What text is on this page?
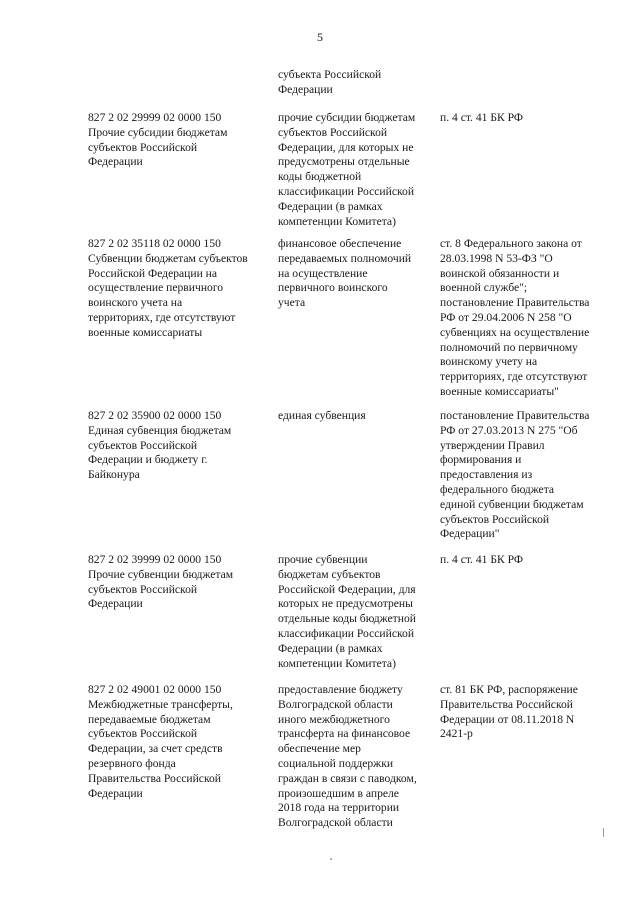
5
субъекта Российской
Федерации
827 2 02 29999 02 0000 150
Прочие субсидии бюджетам
субъектов Российской
Федерации
прочие субсидии бюджетам
субъектов Российской
Федерации, для которых не
предусмотрены отдельные
коды бюджетной
классификации Российской
Федерации (в рамках
компетенции Комитета)
п. 4 ст. 41 БК РФ
827 2 02 35118 02 0000 150
Субвенции бюджетам субъектов
Российской Федерации на
осуществление первичного
воинского учета на
территориях, где отсутствуют
военные комиссариаты
финансовое обеспечение
передаваемых полномочий
на осуществление
первичного воинского
учета
ст. 8 Федерального закона от
28.03.1998 N 53-ФЗ "О
воинской обязанности и
военной службе";
постановление Правительства
РФ от 29.04.2006 N 258 "О
субвенциях на осуществление
полномочий по первичному
воинскому учету на
территориях, где отсутствуют
военные комиссариаты"
827 2 02 35900 02 0000 150
Единая субвенция бюджетам
субъектов Российской
Федерации и бюджету г.
Байконура
единая субвенция	постановление Правительства
РФ от 27.03.2013 N 275 "Об
утверждении Правил
формирования и
предоставления из
федерального бюджета
единой субвенции бюджетам
субъектов Российской
Федерации"
827 2 02 39999 02 0000 150
Прочие субвенции бюджетам
субъектов Российской
Федерации
прочие субвенции
бюджетам субъектов
Российской Федерации, для
которых не предусмотрены
отдельные коды бюджетной
классификации Российской
Федерации (в рамках
компетенции Комитета)
п. 4 ст. 41 БК РФ
827 2 02 49001 02 0000 150
Межбюджетные трансферты,
передаваемые бюджетам
субъектов Российской
Федерации, за счет средств
резервного фонда
Правительства Российской
Федерации
предоставление бюджету
Волгоградской области
иного межбюджетного
трансферта на финансовое
обеспечение мер
социальной поддержки
граждан в связи с паводком,
произошедшим в апреле
2018 года на территории
Волгоградской области
ст. 81 БК РФ, распоряжение
Правительства Российской
Федерации от 08.11.2018 N
2421-р
